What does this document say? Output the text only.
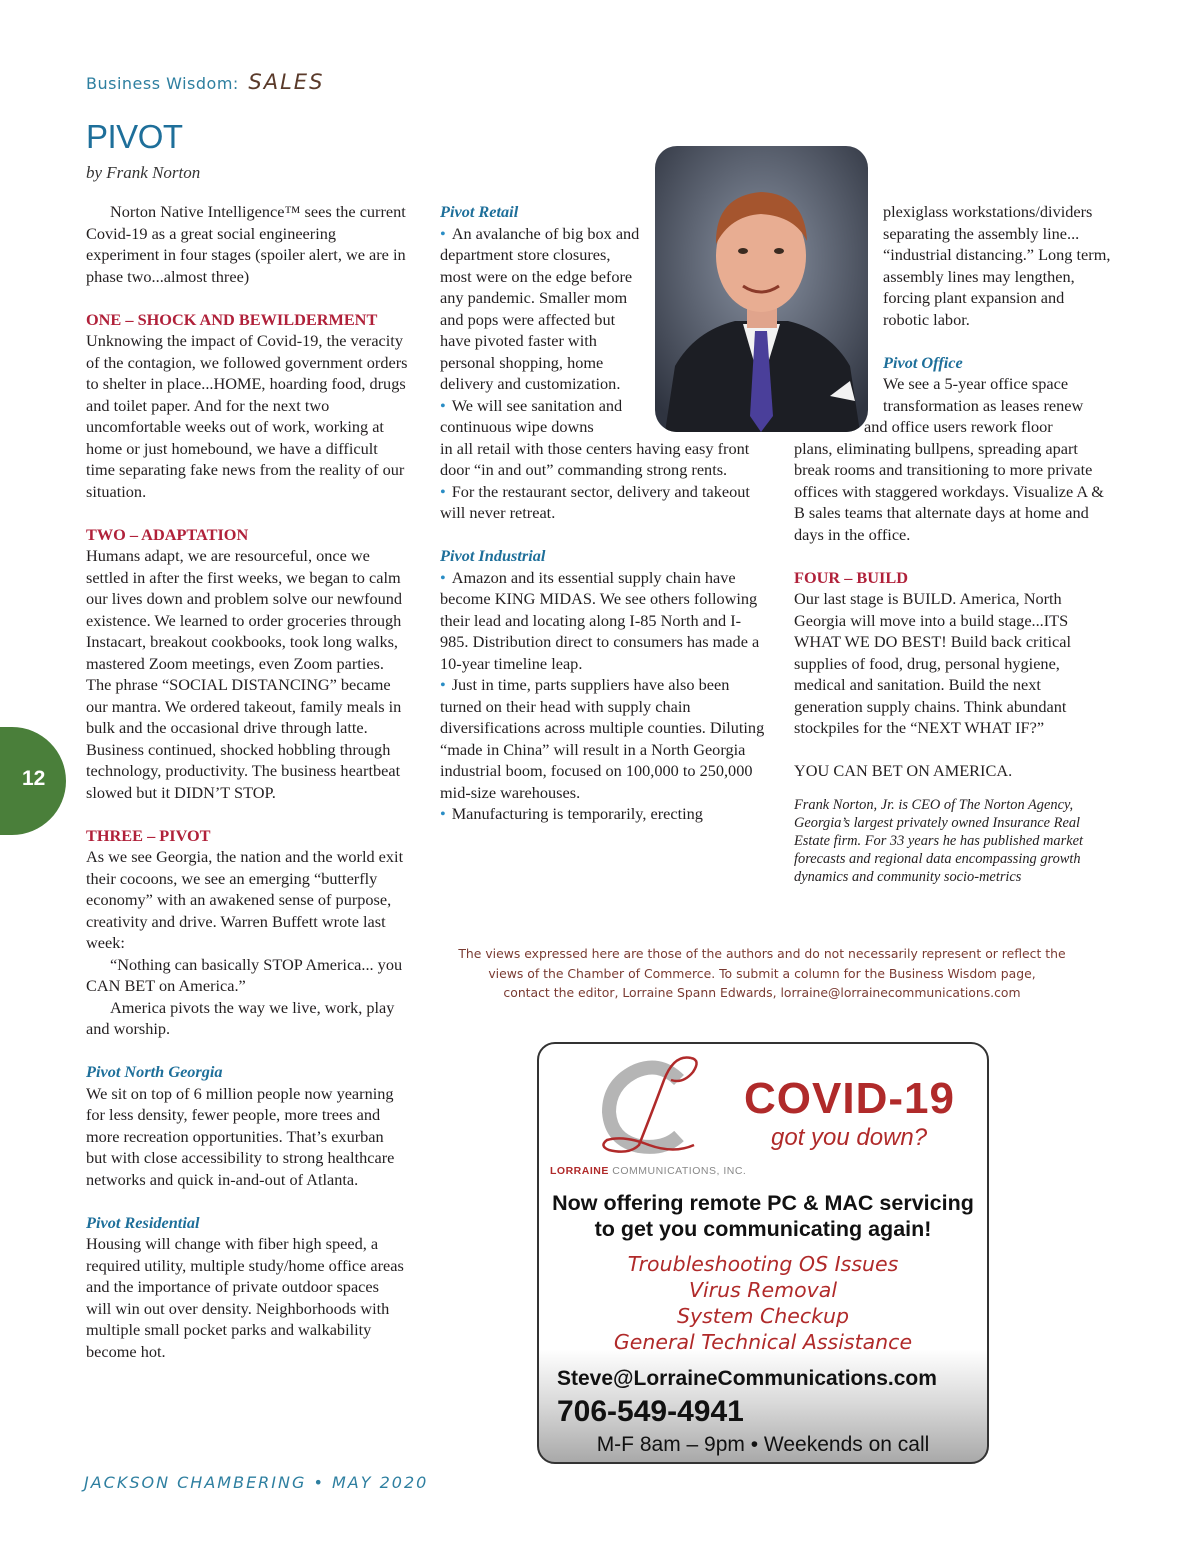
Business Wisdom: SALES
PIVOT
by Frank Norton
12

Norton Native Intelligence™ sees the current Covid-19 as a great social engineering experiment in four stages (spoiler alert, we are in phase two...almost three)

ONE – SHOCK AND BEWILDERMENT

Unknowing the impact of Covid-19, the veracity of the contagion, we followed government orders to shelter in place...HOME, hoarding food, drugs and toilet paper. And for the next two uncomfortable weeks out of work, working at home or just homebound, we have a difficult time separating fake news from the reality of our situation.

TWO – ADAPTATION

Humans adapt, we are resourceful, once we settled in after the first weeks, we began to calm our lives down and problem solve our newfound existence. We learned to order groceries through Instacart, breakout cookbooks, took long walks, mastered Zoom meetings, even Zoom parties. The phrase “SOCIAL DISTANCING” became our mantra. We ordered takeout, family meals in bulk and the occasional drive through latte. Business continued, shocked hobbling through technology, productivity. The business heartbeat slowed but it DIDN’T STOP.

THREE – PIVOT

As we see Georgia, the nation and the world exit their cocoons, we see an emerging “butterfly economy” with an awakened sense of purpose, creativity and drive. Warren Buffett wrote last week:

“Nothing can basically STOP America... you CAN BET on America.”

America pivots the way we live, work, play and worship.

Pivot North Georgia

We sit on top of 6 million people now yearning for less density, fewer people, more trees and more recreation opportunities. That’s exurban but with close accessibility to strong healthcare networks and quick in-and-out of Atlanta.

Pivot Residential

Housing will change with fiber high speed, a required utility, multiple study/home office areas and the importance of private outdoor spaces will win out over density. Neighborhoods with multiple small pocket parks and walkability become hot.

Pivot Retail

• An avalanche of big box and department store closures, most were on the edge before any pandemic. Smaller mom and pops were affected but have pivoted faster with personal shopping, home delivery and customization.

• We will see sanitation and continuous wipe downs

in all retail with those centers having easy front door “in and out” commanding strong rents.

• For the restaurant sector, delivery and takeout will never retreat.

Pivot Industrial

• Amazon and its essential supply chain have become KING MIDAS. We see others following their lead and locating along I-85 North and I-985. Distribution direct to consumers has made a 10-year timeline leap.

• Just in time, parts suppliers have also been turned on their head with supply chain diversifications across multiple counties. Diluting “made in China” will result in a North Georgia industrial boom, focused on 100,000 to 250,000 mid-size warehouses.

• Manufacturing is temporarily, erecting

plexiglass workstations/dividers separating the assembly line... “industrial distancing.” Long term, assembly lines may lengthen, forcing plant expansion and robotic labor.

Pivot Office

We see a 5-year office space transformation as leases renew

and office users rework floor

plans, eliminating bullpens, spreading apart break rooms and transitioning to more private offices with staggered workdays. Visualize A & B sales teams that alternate days at home and days in the office.

FOUR – BUILD

Our last stage is BUILD. America, North Georgia will move into a build stage...ITS WHAT WE DO BEST! Build back critical supplies of food, drug, personal hygiene, medical and sanitation. Build the next generation supply chains. Think abundant stockpiles for the “NEXT WHAT IF?”

YOU CAN BET ON AMERICA.

Frank Norton, Jr. is CEO of The Norton Agency, Georgia’s largest privately owned Insurance Real Estate firm. For 33 years he has published market forecasts and regional data encompassing growth dynamics and community socio-metrics

The views expressed here are those of the authors and do not necessarily represent or reflect the
views of the Chamber of Commerce. To submit a column for the Business Wisdom page,
contact the editor, Lorraine Spann Edwards, lorraine@lorrainecommunications.com
COVID-19
got you down?
LORRAINE COMMUNICATIONS, INC.
Now offering remote PC & MAC servicing
to get you communicating again!
Troubleshooting OS Issues
Virus Removal
System Checkup
General Technical Assistance
Steve@LorraineCommunications.com
706-549-4941
M-F 8am – 9pm • Weekends on call
JACKSON CHAMBERING • MAY 2020
